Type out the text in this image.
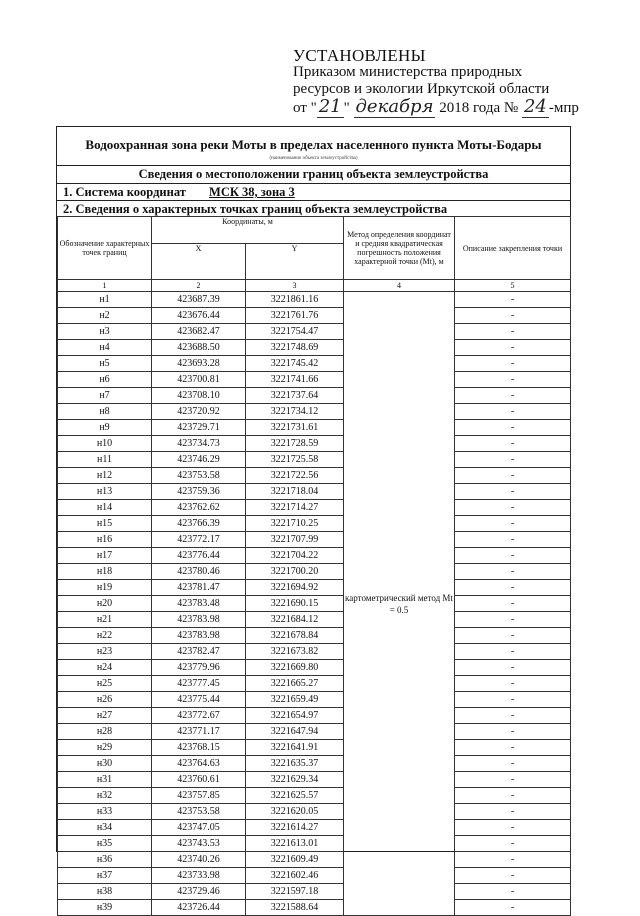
УСТАНОВЛЕНЫ
Приказом министерства природных
ресурсов и экологии Иркутской области
от " 21 " декабря 2018 года № 24 -мпр
Водоохранная зона реки Моты в пределах населенного пункта Моты-Бодары
(наименование объекта землеустройства)
Сведения о местоположении границ объекта землеустройства
1. Система координат МСК 38, зона 3
2. Сведения о характерных точках границ объекта землеустройства
Обозначение характерных точек границ	Координаты, м		Метод определения координат и средняя квадратическая погрешность положения характерной точки (Mt), м	Описание закрепления точки
	X	Y		
1	2	3	4	5
н1	423687.39	3221861.16	картометрический метод Mt = 0.5	-
н2	423676.44	3221761.76		-
н3	423682.47	3221754.47		-
н4	423688.50	3221748.69		-
н5	423693.28	3221745.42		-
н6	423700.81	3221741.66		-
н7	423708.10	3221737.64		-
н8	423720.92	3221734.12		-
н9	423729.71	3221731.61		-
н10	423734.73	3221728.59		-
н11	423746.29	3221725.58		-
н12	423753.58	3221722.56		-
н13	423759.36	3221718.04		-
н14	423762.62	3221714.27		-
н15	423766.39	3221710.25		-
н16	423772.17	3221707.99		-
н17	423776.44	3221704.22		-
н18	423780.46	3221700.20		-
н19	423781.47	3221694.92		-
н20	423783.48	3221690.15		-
н21	423783.98	3221684.12		-
н22	423783.98	3221678.84		-
н23	423782.47	3221673.82		-
н24	423779.96	3221669.80		-
н25	423777.45	3221665.27		-
н26	423775.44	3221659.49		-
н27	423772.67	3221654.97		-
н28	423771.17	3221647.94		-
н29	423768.15	3221641.91		-
н30	423764.63	3221635.37		-
н31	423760.61	3221629.34		-
н32	423757.85	3221625.57		-
н33	423753.58	3221620.05		-
н34	423747.05	3221614.27		-
н35	423743.53	3221613.01		-
н36	423740.26	3221609.49		-
н37	423733.98	3221602.46		-
н38	423729.46	3221597.18		-
н39	423726.44	3221588.64		-
